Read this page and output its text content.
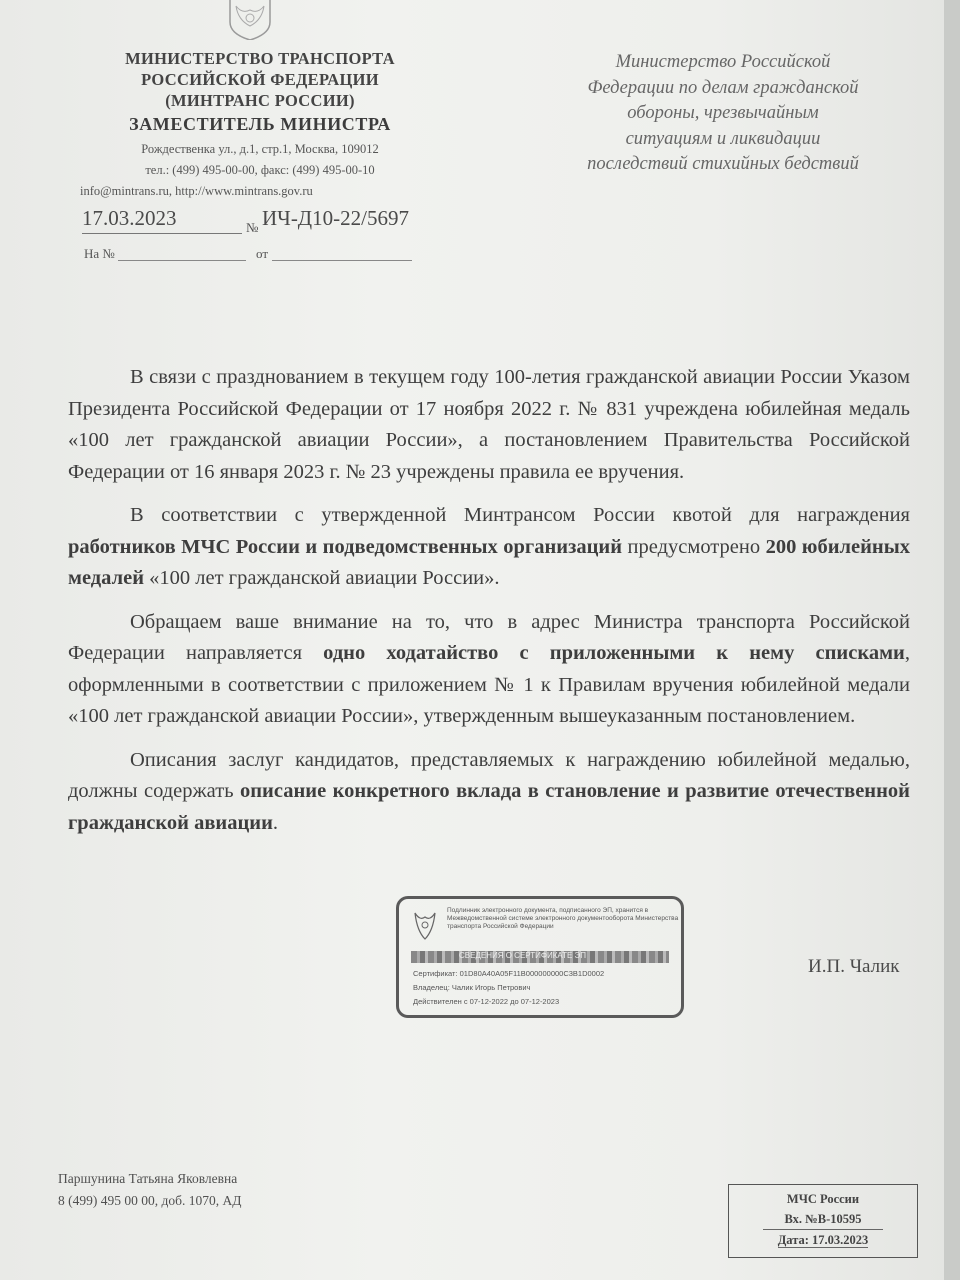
МИНИСТЕРСТВО ТРАНСПОРТА
РОССИЙСКОЙ ФЕДЕРАЦИИ
(МИНТРАНС РОССИИ)
ЗАМЕСТИТЕЛЬ МИНИСТРА
Рождественка ул., д.1, стр.1, Москва, 109012
тел.: (499) 495-00-00, факс: (499) 495-00-10
info@mintrans.ru, http://www.mintrans.gov.ru
17.03.2023	№ ИЧ-Д10-22/5697
На №	от
Министерство Российской
Федерации по делам гражданской
обороны, чрезвычайным
ситуациям и ликвидации
последствий стихийных бедствий

В связи с празднованием в текущем году 100-летия гражданской авиации России Указом Президента Российской Федерации от 17 ноября 2022 г. № 831 учреждена юбилейная медаль «100 лет гражданской авиации России», а постановлением Правительства Российской Федерации от 16 января 2023 г. № 23 учреждены правила ее вручения.

В соответствии с утвержденной Минтрансом России квотой для награждения работников МЧС России и подведомственных организаций предусмотрено 200 юбилейных медалей «100 лет гражданской авиации России».

Обращаем ваше внимание на то, что в адрес Министра транспорта Российской Федерации направляется одно ходатайство с приложенными к нему списками, оформленными в соответствии с приложением № 1 к Правилам вручения юбилейной медали «100 лет гражданской авиации России», утвержденным вышеуказанным постановлением.

Описания заслуг кандидатов, представляемых к награждению юбилейной медалью, должны содержать описание конкретного вклада в становление и развитие отечественной гражданской авиации.

Подлинник электронного документа, подписанного ЭП, хранится в Межведомственной системе электронного документооборота Министерства транспорта Российской Федерации
СВЕДЕНИЯ О СЕРТИФИКАТЕ ЭП
Сертификат: 01D80A40A05F11B000000000C3B1D0002
Владелец: Чалик Игорь Петрович
Действителен с 07-12-2022 до 07-12-2023
И.П. Чалик
Паршунина Татьяна Яковлевна
8 (499) 495 00 00, доб. 1070, АД	МЧС России
Вх. №В-10595
Дата: 17.03.2023
